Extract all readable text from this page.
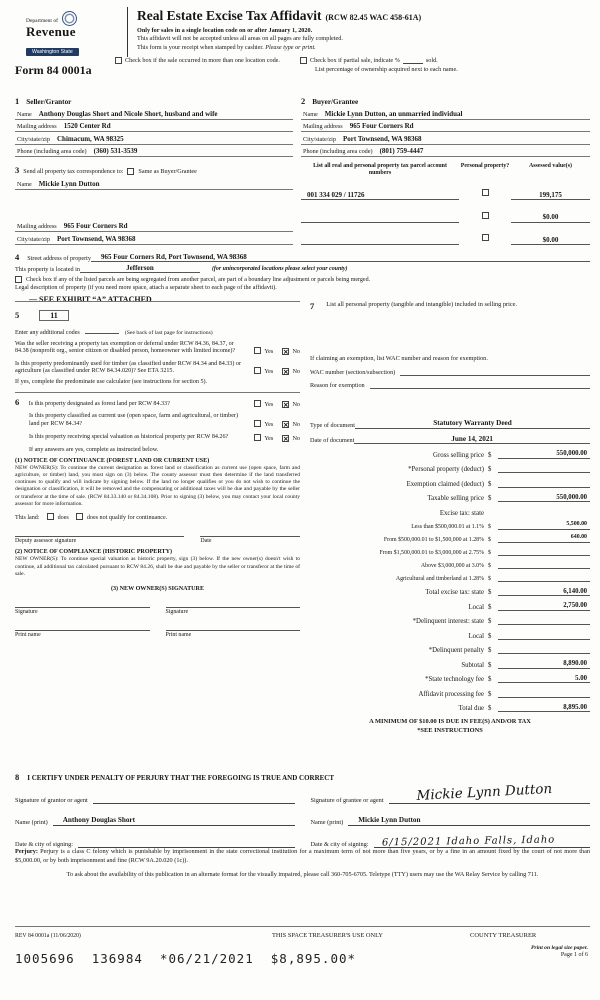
Department of
Revenue
Washington State
Real Estate Excise Tax Affidavit (RCW 82.45 WAC 458-61A)
Only for sales in a single location code on or after January 1, 2020.
This affidavit will not be accepted unless all areas on all pages are fully completed.
This form is your receipt when stamped by cashier. Please type or print.
Form 84 0001a
Check box if the sale occurred in more than one location code.	Check box if partial sale, indicate %	sold.
List percentage of ownership acquired next to each name.
1 Seller/Grantor
Name	Anthony Douglas Short and Nicole Short, husband and wife
Mailing address	1520 Center Rd
City/state/zip	Chimacum, WA 98325
Phone (including area code)	(360) 531-3539
2 Buyer/Grantee
Name	Mickie Lynn Dutton, an unmarried individual
Mailing address	965 Four Corners Rd
City/state/zip	Port Townsend, WA 98368
Phone (including area code)	(801) 759-4447
3 Send all property tax correspondence to: Same as Buyer/Grantee
Name	Mickie Lynn Dutton
Mailing address	965 Four Corners Rd
City/state/zip	Port Townsend, WA 98368
List all real and personal property tax parcel account numbers
Personal property?	Assessed value(s)
001 334 029 / 11726	199,175
$0.00
$0.00
4 Street address of property	965 Four Corners Rd, Port Townsend, WA 98368
This property is located in	Jefferson	(for unincorporated locations please select your county)
Check box if any of the listed parcels are being segregated from another parcel, are part of a boundary line adjustment or parcels being merged.
Legal description of property (if you need more space, attach a separate sheet to each page of the affidavit).
— SEE EXHIBIT “A” ATTACHED
5	11
Enter any additional codes	(See back of last page for instructions)
Was the seller receiving a property tax exemption or deferral under RCW 84.36, 84.37, or 84.38 (nonprofit org., senior citizen or disabled person, homeowner with limited income)?	Yes × No
Is this property predominantly used for timber (as classified under RCW 84.34 and 84.33) or agriculture (as classified under RCW 84.34.020)? See ETA 3215.	Yes × No
If yes, complete the predominate use calculator (see instructions for section 5).
6 Is this property designated as forest land per RCW 84.33?	Yes × No
Is this property classified as current use (open space, farm and agricultural, or timber) land per RCW 84.34?	Yes × No
Is this property receiving special valuation as historical property per RCW 84.26?	Yes × No
If any answers are yes, complete as instructed below.
(1) NOTICE OF CONTINUANCE (FOREST LAND OR CURRENT USE)
NEW OWNER(S): To continue the current designation as forest land or classification as current use (open space, farm and agriculture, or timber) land, you must sign on (3) below. The county assessor must then determine if the land transferred continues to qualify and will indicate by signing below. If the land no longer qualifies or you do not wish to continue the designation or classification, it will be removed and the compensating or additional taxes will be due and payable by the seller or transferor at the time of sale. (RCW 84.33.140 or 84.34.108). Prior to signing (3) below, you may contact your local county assessor for more information.
This land:	does	does not qualify for continuance.
Deputy assessor signature	Date
(2) NOTICE OF COMPLIANCE (HISTORIC PROPERTY)
NEW OWNER(S): To continue special valuation as historic property, sign (3) below. If the new owner(s) doesn't wish to continue, all additional tax calculated pursuant to RCW 84.26, shall be due and payable by the seller or transferor at the time of sale.
(3) NEW OWNER(S) SIGNATURE
Signature	Signature
Print name	Print name
7 List all personal property (tangible and intangible) included in selling price.
If claiming an exemption, list WAC number and reason for exemption.
WAC number (section/subsection)
Reason for exemption
Type of document	Statutory Warranty Deed
Date of document	June 14, 2021
Gross selling price $	550,000.00
*Personal property (deduct) $
Exemption claimed (deduct) $
Taxable selling price $	550,000.00
Excise tax: state
Less than $500,000.01 at 1.1% $	5,500.00
From $500,000.01 to $1,500,000 at 1.28% $	640.00
From $1,500,000.01 to $3,000,000 at 2.75% $
Above $3,000,000 at 3.0% $
Agricultural and timberland at 1.28% $
Total excise tax: state $	6,140.00
Local $	2,750.00
*Delinquent interest: state $
Local $
*Delinquent penalty $
Subtotal $	8,890.00
*State technology fee $	5.00
Affidavit processing fee $
Total due $	8,895.00
A MINIMUM OF $10.00 IS DUE IN FEE(S) AND/OR TAX
*SEE INSTRUCTIONS
8 I CERTIFY UNDER PENALTY OF PERJURY THAT THE FOREGOING IS TRUE AND CORRECT
Signature of grantor or agent
Name (print)	Anthony Douglas Short
Date & city of signing:
Signature of grantee or agent Mickie Lynn Dutton
Name (print)	Mickie Lynn Dutton
Date & city of signing: 6/15/2021 Idaho Falls, Idaho
Perjury: Perjury is a class C felony which is punishable by imprisonment in the state correctional institution for a maximum term of not more than five years, or by a fine in an amount fixed by the court of not more than $5,000.00, or by both imprisonment and fine (RCW 9A.20.020 (1c)).
To ask about the availability of this publication in an alternate format for the visually impaired, please call 360-705-6705. Teletype (TTY) users may use the WA Relay Service by calling 711.
REV 84 0001a (11/06/2020)	THIS SPACE TREASURER'S USE ONLY	COUNTY TREASURER
1005696  136984  *06/21/2021  $8,895.00*
Print on legal size paper.
Page 1 of 6
